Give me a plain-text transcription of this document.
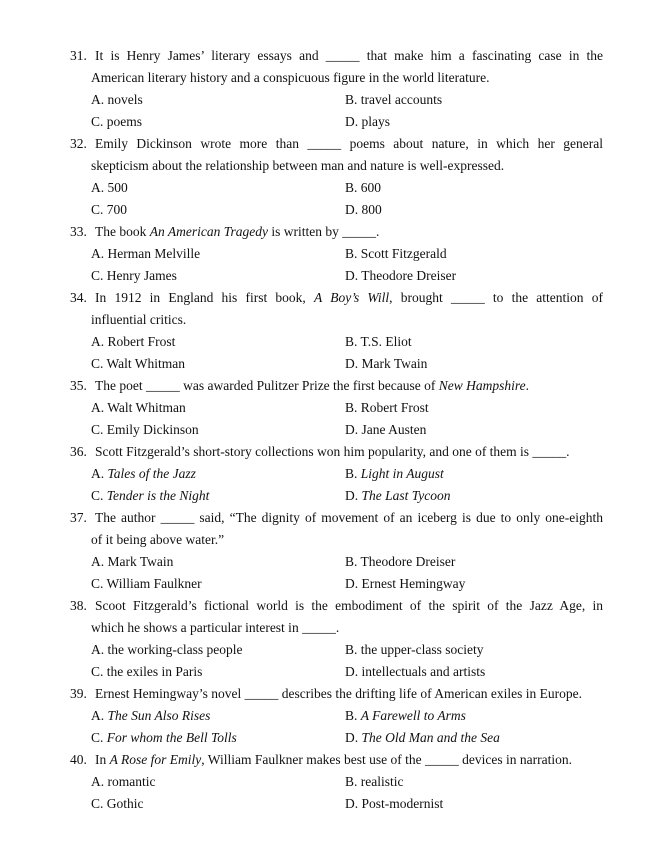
31. It is Henry James’ literary essays and _____ that make him a fascinating case in the
American literary history and a conspicuous figure in the world literature.
A. novels	B. travel accounts
C. poems	D. plays
32. Emily Dickinson wrote more than _____ poems about nature, in which her general
skepticism about the relationship between man and nature is well-expressed.
A. 500	B. 600
C. 700	D. 800
33. The book An American Tragedy is written by _____.
A. Herman Melville	B. Scott Fitzgerald
C. Henry James	D. Theodore Dreiser
34. In 1912 in England his first book, A Boy’s Will, brought _____ to the attention of
influential critics.
A. Robert Frost	B. T.S. Eliot
C. Walt Whitman	D. Mark Twain
35. The poet _____ was awarded Pulitzer Prize the first because of New Hampshire.
A. Walt Whitman	B. Robert Frost
C. Emily Dickinson	D. Jane Austen
36. Scott Fitzgerald’s short-story collections won him popularity, and one of them is _____.
A. Tales of the Jazz	B. Light in August
C. Tender is the Night	D. The Last Tycoon
37. The author _____ said, “The dignity of movement of an iceberg is due to only one-eighth
of it being above water.”
A. Mark Twain	B. Theodore Dreiser
C. William Faulkner	D. Ernest Hemingway
38. Scoot Fitzgerald’s fictional world is the embodiment of the spirit of the Jazz Age, in
which he shows a particular interest in _____.
A. the working-class people	B. the upper-class society
C. the exiles in Paris	D. intellectuals and artists
39. Ernest Hemingway’s novel _____ describes the drifting life of American exiles in Europe.
A. The Sun Also Rises	B. A Farewell to Arms
C. For whom the Bell Tolls	D. The Old Man and the Sea
40. In A Rose for Emily, William Faulkner makes best use of the _____ devices in narration.
A. romantic	B. realistic
C. Gothic	D. Post-modernist
